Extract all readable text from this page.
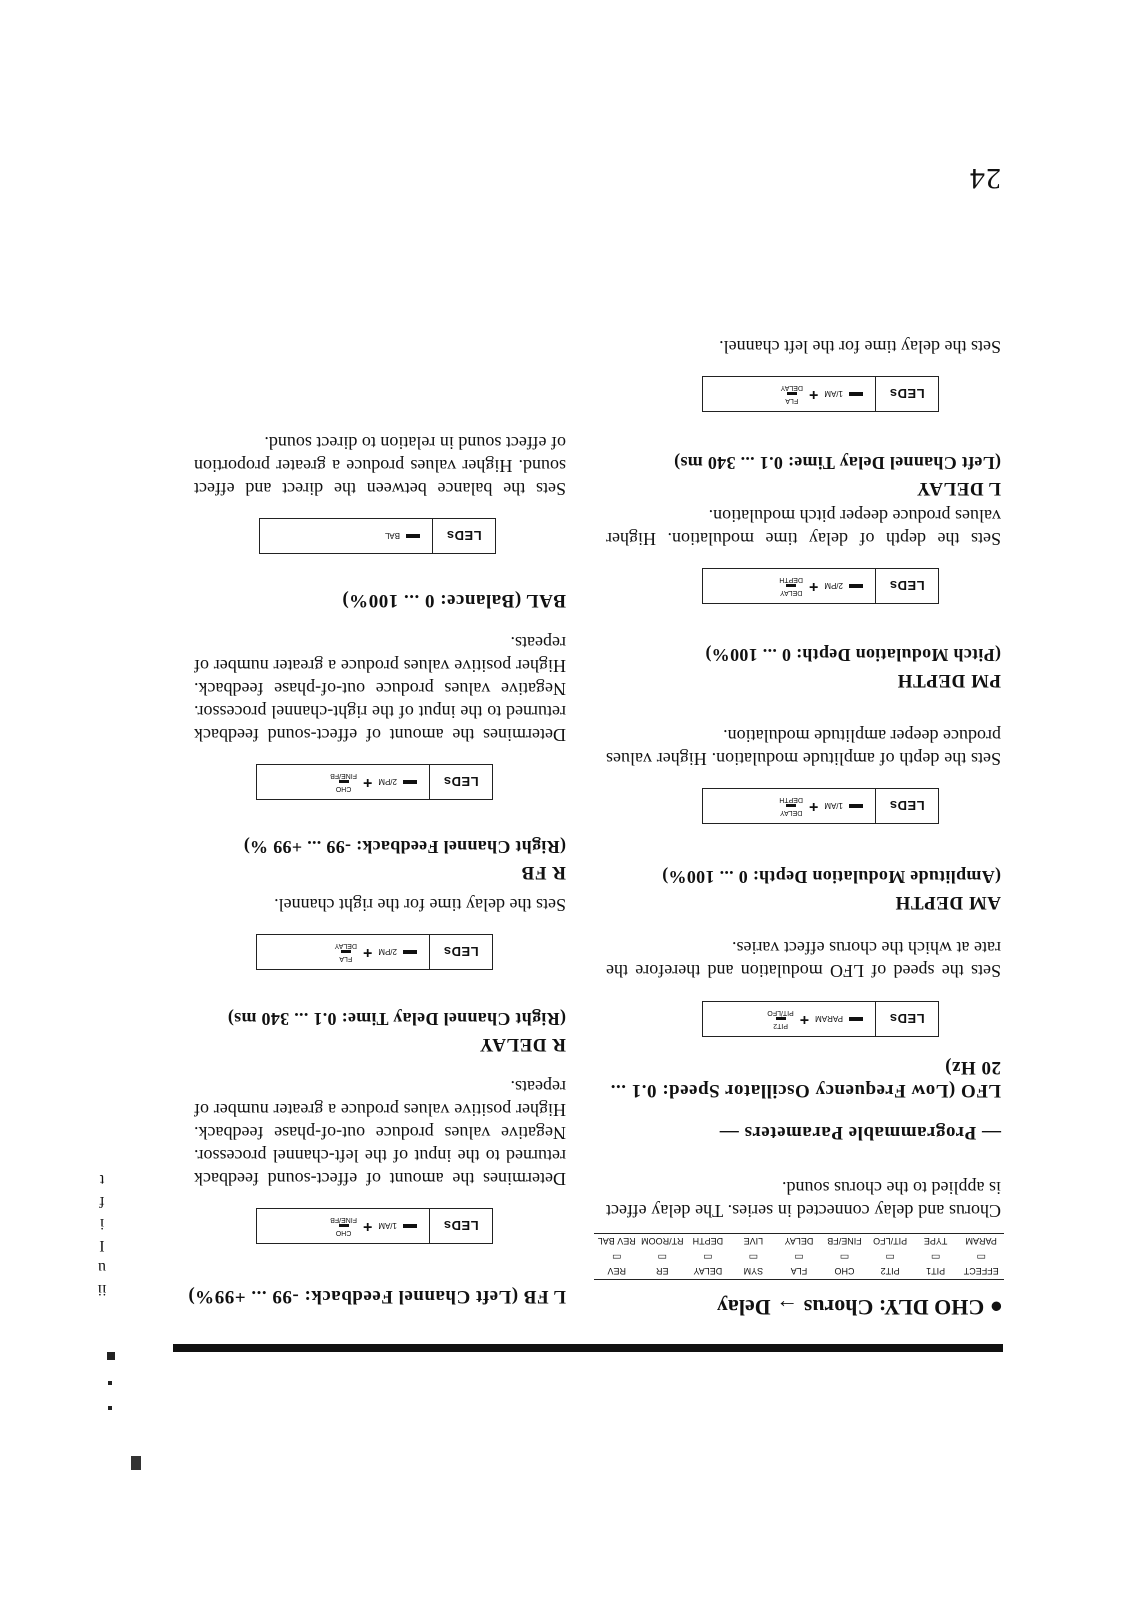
24
● CHO DLY: Chorus → Delay
EFFECT
PIT1
PIT2
CHO
FLA
SYM
DELAY
ER
REV
▭
▭
▭
▭
▭
▭
▭
▭
▭
PARAM
TYPE
PIT/LFO
FINE/FB
DELAY
LIVE
DEPTH
RT/ROOM
REV BAL
Chorus and delay connected in series. The delay effect is applied to the chorus sound.
— Programmable Parameters —
LFO (Low Frequency Oscillator Speed: 0.1 ... 20 Hz)
LEDs
PARAM
+
PIT2
PIT/LFO
Sets the speed of LFO modulation and therefore the rate at which the chorus effect varies.
AM DEPTH
(Amplitude Modulation Depth: 0 ... 100%)
LEDs
1/AM
+
DELAY
DEPTH
Sets the depth of amplitude modulation. Higher values produce deeper amplitude modulation.
PM DEPTH
(Pitch Modulation Depth: 0 ... 100%)
LEDs
2/PM
+
DELAY
DEPTH
Sets the depth of delay time modulation. Higher values produce deeper pitch modulation.
L DELAY
(Left Channel Delay Time: 0.1 ... 340 ms)
LEDs
1/AM
+
FLA
DELAY
Sets the delay time for the left channel.
L FB (Left Channel Feedback: -99 ... +99%)
LEDs
1/AM
+
CHO
FINE/FB
Determines the amount of effect-sound feedback returned to the input of the left-channel processor. Negative values produce out-of-phase feedback. Higher positive values produce a greater number of repeats.
R DELAY
(Right Channel Delay Time: 0.1 ... 340 ms)
LEDs
2/PM
+
FLA
DELAY
Sets the delay time for the right channel.
R FB
(Right Channel Feedback: -99 ... +99 %)
LEDs
2/PM
+
CHO
FINE/FB
Determines the amount of effect-sound feedback returned to the input of the right-channel processor. Negative values produce out-of-phase feedback. Higher positive values produce a greater number of repeats.
BAL (Balance: 0 ... 100%)
LEDs
BAL
Sets the balance between the direct and effect sound. Higher values produce a greater proportion of effect sound in relation to direct sound.
ii
u
I
i
f
t
